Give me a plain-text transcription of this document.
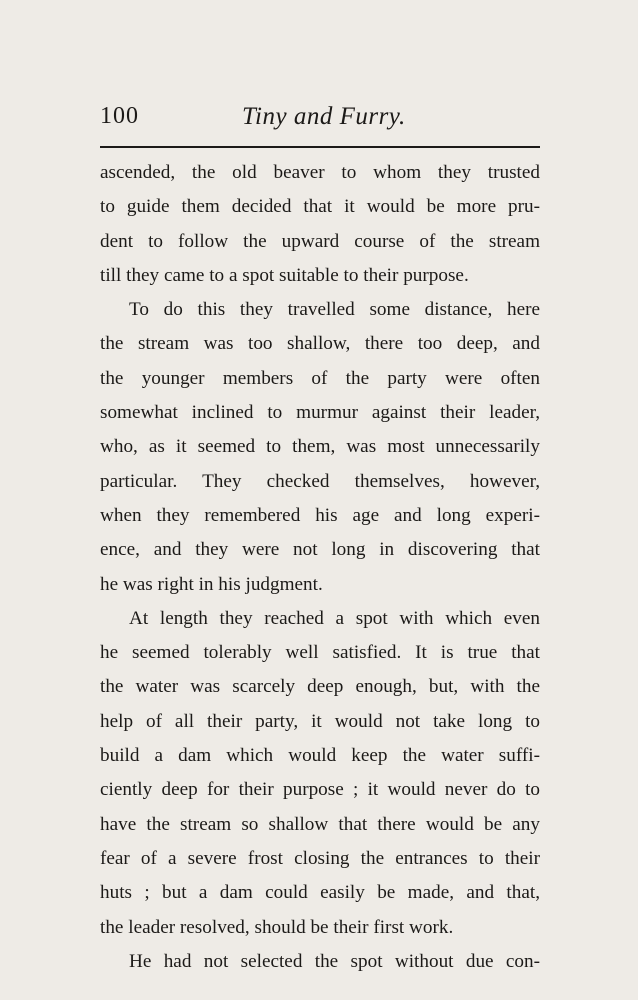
100	Tiny and Furry.
ascended, the old beaver to whom they trusted
to guide them decided that it would be more pru-
dent to follow the upward course of the stream
till they came to a spot suitable to their purpose.
To do this they travelled some distance, here
the stream was too shallow, there too deep, and
the younger members of the party were often
somewhat inclined to murmur against their leader,
who, as it seemed to them, was most unnecessarily
particular. They checked themselves, however,
when they remembered his age and long experi-
ence, and they were not long in discovering that
he was right in his judgment.
At length they reached a spot with which even
he seemed tolerably well satisfied. It is true that
the water was scarcely deep enough, but, with the
help of all their party, it would not take long to
build a dam which would keep the water suffi-
ciently deep for their purpose ; it would never do to
have the stream so shallow that there would be any
fear of a severe frost closing the entrances to their
huts ; but a dam could easily be made, and that,
the leader resolved, should be their first work.
He had not selected the spot without due con-
